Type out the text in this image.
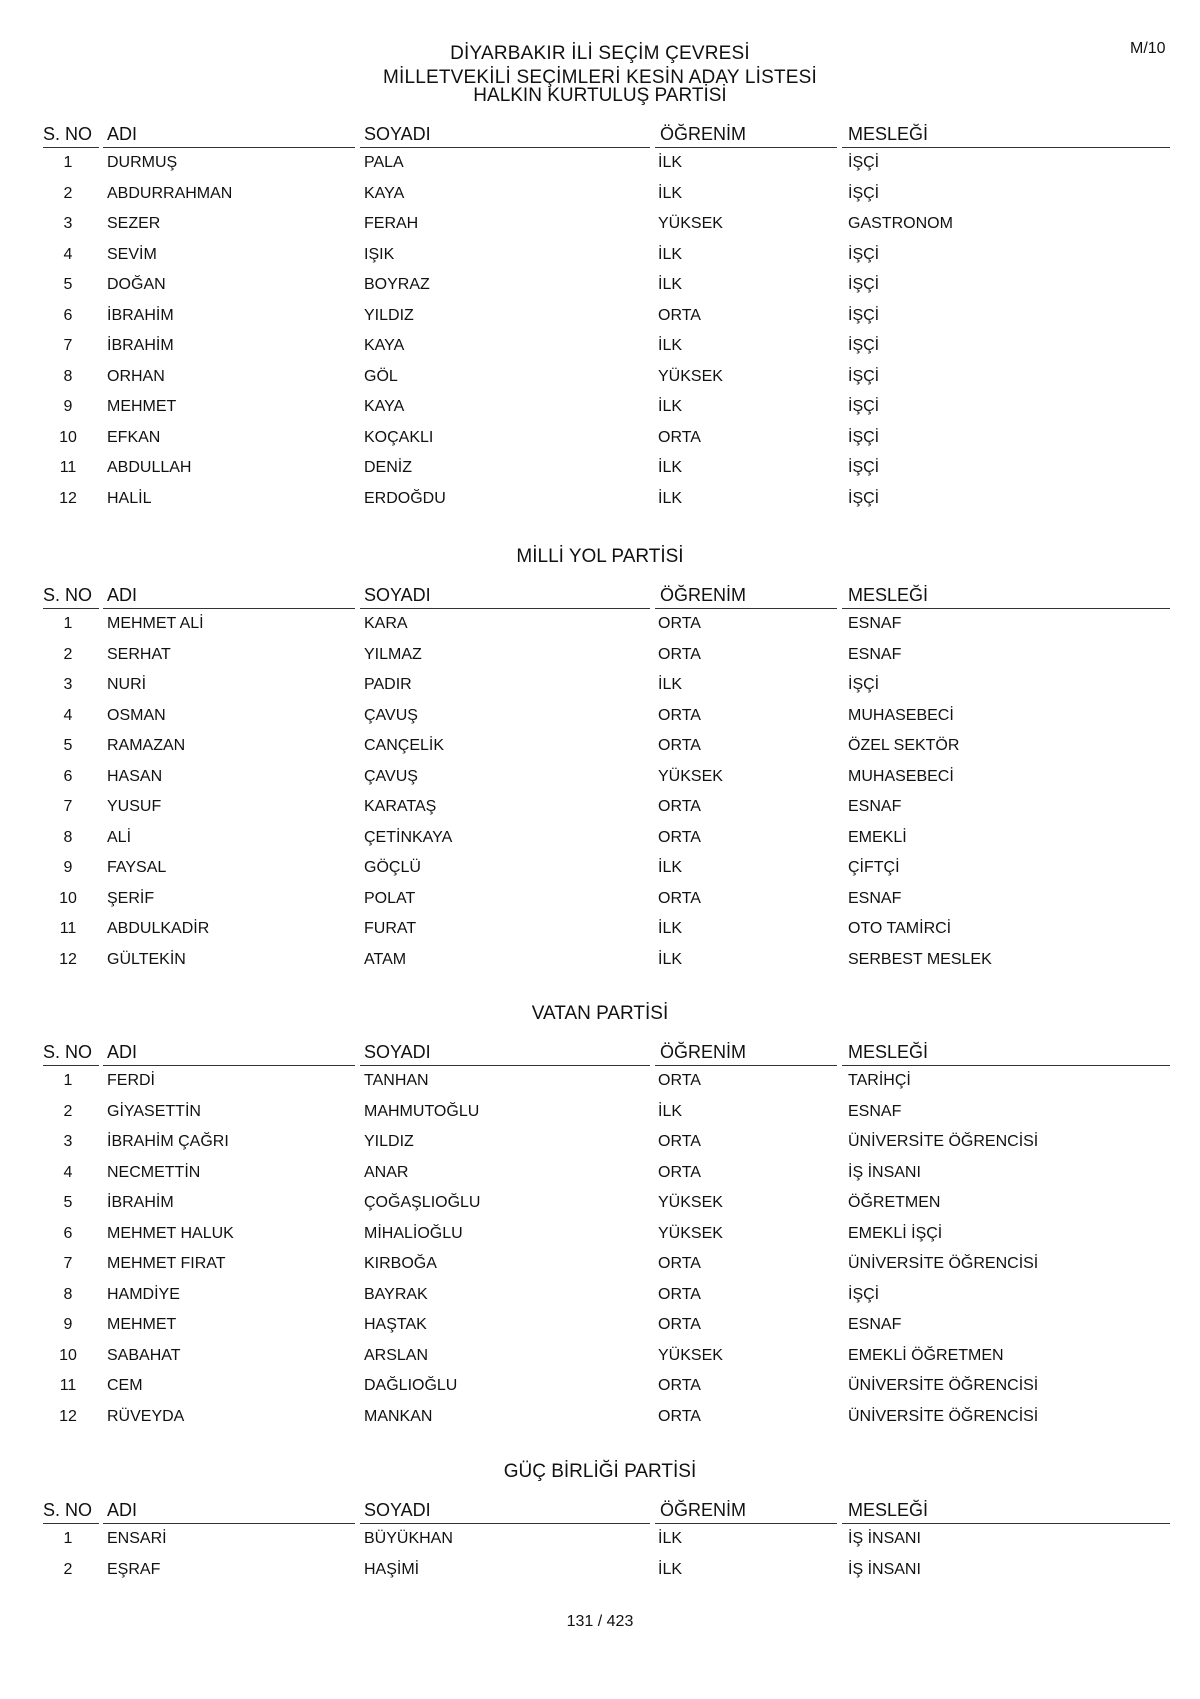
M/10
DİYARBAKIR İLİ SEÇİM ÇEVRESİ
MİLLETVEKİLİ SEÇİMLERİ KESİN ADAY LİSTESİ
HALKIN KURTULUŞ PARTİSİ
S. NO ADI	SOYADI	ÖĞRENİM	MESLEĞİ
1	DURMUŞ	PALA	İLK	İŞÇİ
2	ABDURRAHMAN	KAYA	İLK	İŞÇİ
3	SEZER	FERAH	YÜKSEK	GASTRONOM
4	SEVİM	IŞIK	İLK	İŞÇİ
5	DOĞAN	BOYRAZ	İLK	İŞÇİ
6	İBRAHİM	YILDIZ	ORTA	İŞÇİ
7	İBRAHİM	KAYA	İLK	İŞÇİ
8	ORHAN	GÖL	YÜKSEK	İŞÇİ
9	MEHMET	KAYA	İLK	İŞÇİ
10	EFKAN	KOÇAKLI	ORTA	İŞÇİ
11	ABDULLAH	DENİZ	İLK	İŞÇİ
12	HALİL	ERDOĞDU	İLK	İŞÇİ
MİLLİ YOL PARTİSİ
S. NO ADI	SOYADI	ÖĞRENİM	MESLEĞİ
1	MEHMET ALİ	KARA	ORTA	ESNAF
2	SERHAT	YILMAZ	ORTA	ESNAF
3	NURİ	PADIR	İLK	İŞÇİ
4	OSMAN	ÇAVUŞ	ORTA	MUHASEBECİ
5	RAMAZAN	CANÇELİK	ORTA	ÖZEL SEKTÖR
6	HASAN	ÇAVUŞ	YÜKSEK	MUHASEBECİ
7	YUSUF	KARATAŞ	ORTA	ESNAF
8	ALİ	ÇETİNKAYA	ORTA	EMEKLİ
9	FAYSAL	GÖÇLÜ	İLK	ÇİFTÇİ
10	ŞERİF	POLAT	ORTA	ESNAF
11	ABDULKADİR	FURAT	İLK	OTO TAMİRCİ
12	GÜLTEKİN	ATAM	İLK	SERBEST MESLEK
VATAN PARTİSİ
S. NO ADI	SOYADI	ÖĞRENİM	MESLEĞİ
1	FERDİ	TANHAN	ORTA	TARİHÇİ
2	GİYASETTİN	MAHMUTOĞLU	İLK	ESNAF
3	İBRAHİM ÇAĞRI	YILDIZ	ORTA	ÜNİVERSİTE ÖĞRENCİSİ
4	NECMETTİN	ANAR	ORTA	İŞ İNSANI
5	İBRAHİM	ÇOĞAŞLIOĞLU	YÜKSEK	ÖĞRETMEN
6	MEHMET HALUK	MİHALİOĞLU	YÜKSEK	EMEKLİ İŞÇİ
7	MEHMET FIRAT	KIRBOĞA	ORTA	ÜNİVERSİTE ÖĞRENCİSİ
8	HAMDİYE	BAYRAK	ORTA	İŞÇİ
9	MEHMET	HAŞTAK	ORTA	ESNAF
10	SABAHAT	ARSLAN	YÜKSEK	EMEKLİ ÖĞRETMEN
11	CEM	DAĞLIOĞLU	ORTA	ÜNİVERSİTE ÖĞRENCİSİ
12	RÜVEYDA	MANKAN	ORTA	ÜNİVERSİTE ÖĞRENCİSİ
GÜÇ BİRLİĞİ PARTİSİ
S. NO ADI	SOYADI	ÖĞRENİM	MESLEĞİ
1	ENSARİ	BÜYÜKHAN	İLK	İŞ İNSANI
2	EŞRAF	HAŞİMİ	İLK	İŞ İNSANI
131 / 423
